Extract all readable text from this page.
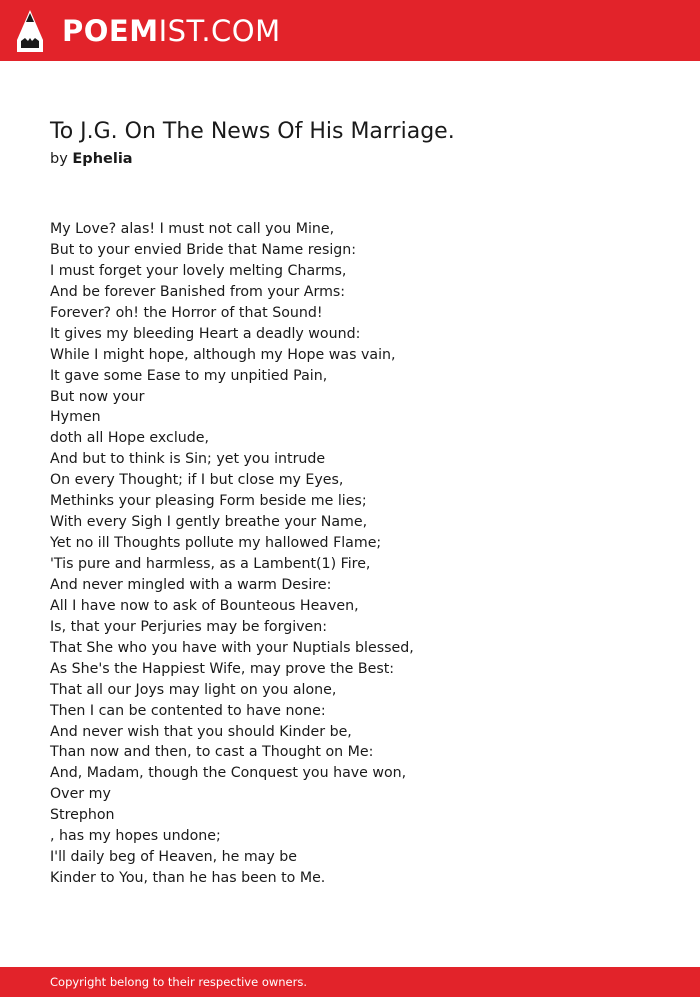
POEMIST.COM
To J.G. On The News Of His Marriage.
by Ephelia
My Love? alas! I must not call you Mine,
But to your envied Bride that Name resign:
I must forget your lovely melting Charms,
And be forever Banished from your Arms:
Forever? oh! the Horror of that Sound!
It gives my bleeding Heart a deadly wound:
While I might hope, although my Hope was vain,
It gave some Ease to my unpitied Pain,
But now your
Hymen
doth all Hope exclude,
And but to think is Sin; yet you intrude
On every Thought; if I but close my Eyes,
Methinks your pleasing Form beside me lies;
With every Sigh I gently breathe your Name,
Yet no ill Thoughts pollute my hallowed Flame;
'Tis pure and harmless, as a Lambent(1) Fire,
And never mingled with a warm Desire:
All I have now to ask of Bounteous Heaven,
Is, that your Perjuries may be forgiven:
That She who you have with your Nuptials blessed,
As She's the Happiest Wife, may prove the Best:
That all our Joys may light on you alone,
Then I can be contented to have none:
And never wish that you should Kinder be,
Than now and then, to cast a Thought on Me:
And, Madam, though the Conquest you have won,
Over my
Strephon
, has my hopes undone;
I'll daily beg of Heaven, he may be
Kinder to You, than he has been to Me.
Copyright belong to their respective owners.
